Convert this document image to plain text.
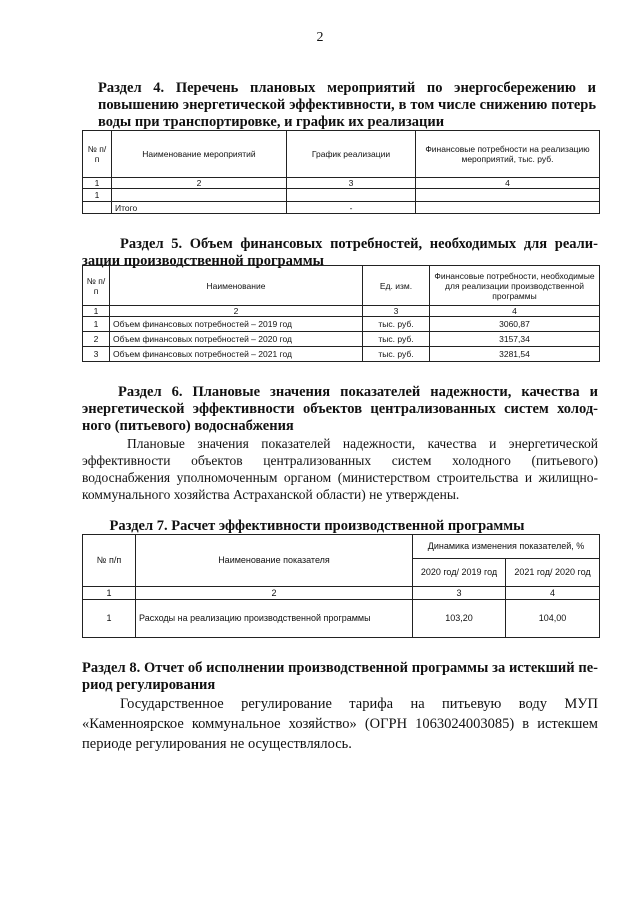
2
Раздел 4. Перечень плановых мероприятий по энергосбережению и
повышению энергетической эффективности, в том числе снижению потерь
воды при транспортировке, и график их реализации
№ п/п	Наименование мероприятий	График реализации	Финансовые потребности на реализацию мероприятий, тыс. руб.
1	2	3	4
1			
	Итого	-	
Раздел 5. Объем финансовых потребностей, необходимых для реали-
зации производственной программы
№ п/п	Наименование	Ед. изм.	Финансовые потребности, необходимые для реализации производственной программы
1	2	3	4
1	Объем финансовых потребностей – 2019 год	тыс. руб.	3060,87
2	Объем финансовых потребностей – 2020 год	тыс. руб.	3157,34
3	Объем финансовых потребностей – 2021 год	тыс. руб.	3281,54
Раздел 6. Плановые значения показателей надежности, качества и
энергетической эффективности объектов централизованных систем холод-
ного (питьевого) водоснабжения
Плановые значения показателей надежности, качества и энергетической эффективности объектов централизованных систем холодного (питьевого) водоснабжения уполномоченным органом (министерством строительства и жилищно- коммунального хозяйства Астраханской области) не утверждены.
Раздел 7. Расчет эффективности производственной программы
№ п/п	Наименование показателя	Динамика изменения показателей, %	
		2020 год/ 2019 год	2021 год/ 2020 год
1	2	3	4
1	Расходы на реализацию производственной программы	103,20	104,00
Раздел 8. Отчет об исполнении производственной программы за истекший пе-
риод регулирования
Государственное регулирование тарифа на питьевую воду МУП «Каменноярское коммунальное хозяйство» (ОГРН 1063024003085) в истекшем периоде регулирования не осуществлялось.
